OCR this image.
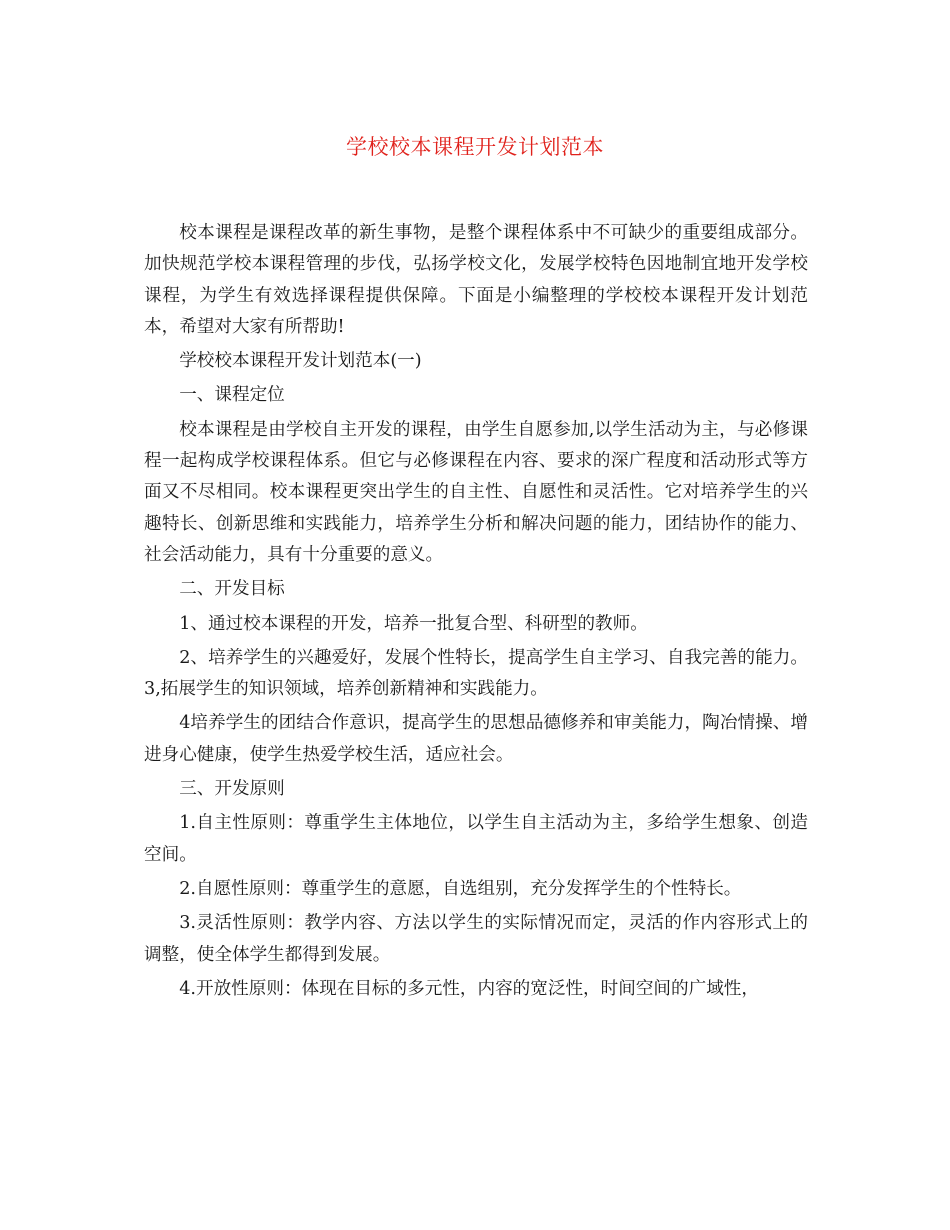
学校校本课程开发计划范本

校本课程是课程改革的新生事物，是整个课程体系中不可缺少的重要组成部分。加快规范学校本课程管理的步伐，弘扬学校文化，发展学校特色因地制宜地开发学校课程，为学生有效选择课程提供保障。下面是小编整理的学校校本课程开发计划范本，希望对大家有所帮助!

学校校本课程开发计划范本(一)

一、课程定位

校本课程是由学校自主开发的课程，由学生自愿参加,以学生活动为主，与必修课程一起构成学校课程体系。但它与必修课程在内容、要求的深广程度和活动形式等方面又不尽相同。校本课程更突出学生的自主性、自愿性和灵活性。它对培养学生的兴趣特长、创新思维和实践能力，培养学生分析和解决问题的能力，团结协作的能力、社会活动能力，具有十分重要的意义。

二、开发目标

1、通过校本课程的开发，培养一批复合型、科研型的教师。

2、培养学生的兴趣爱好，发展个性特长，提高学生自主学习、自我完善的能力。 3,拓展学生的知识领域，培养创新精神和实践能力。

4培养学生的团结合作意识，提高学生的思想品德修养和审美能力，陶冶情操、增进身心健康，使学生热爱学校生活，适应社会。

三、开发原则

1.自主性原则：尊重学生主体地位，以学生自主活动为主，多给学生想象、创造空间。

2.自愿性原则：尊重学生的意愿，自选组别，充分发挥学生的个性特长。

3.灵活性原则：教学内容、方法以学生的实际情况而定，灵活的作内容形式上的调整，使全体学生都得到发展。

4.开放性原则：体现在目标的多元性，内容的宽泛性，时间空间的广域性，
